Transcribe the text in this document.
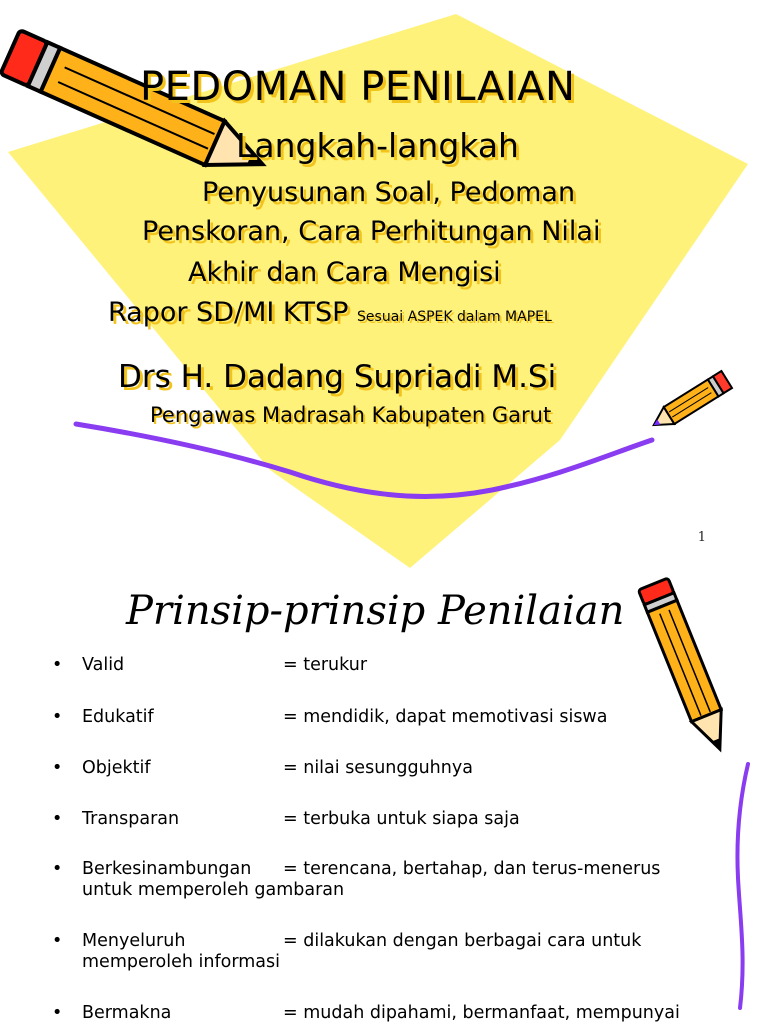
PEDOMAN PENILAIAN
Langkah-langkah
Penyusunan Soal, Pedoman
Penskoran, Cara Perhitungan Nilai
Akhir dan Cara Mengisi
Rapor SD/MI KTSP Sesuai ASPEK dalam MAPEL
Drs H. Dadang Supriadi M.Si
Pengawas Madrasah Kabupaten Garut
1
Prinsip-prinsip Penilaian
•	Valid	= terukur
•	Edukatif	= mendidik, dapat memotivasi siswa
•	Objektif	= nilai sesungguhnya
•	Transparan	= terbuka untuk siapa saja
•	Berkesinambungan = terencana, bertahap, dan terus-menerus
untuk memperoleh gambaran
•	Menyeluruh	= dilakukan dengan berbagai cara untuk
memperoleh informasi
•	Bermakna	= mudah dipahami, bermanfaat, mempunyai
